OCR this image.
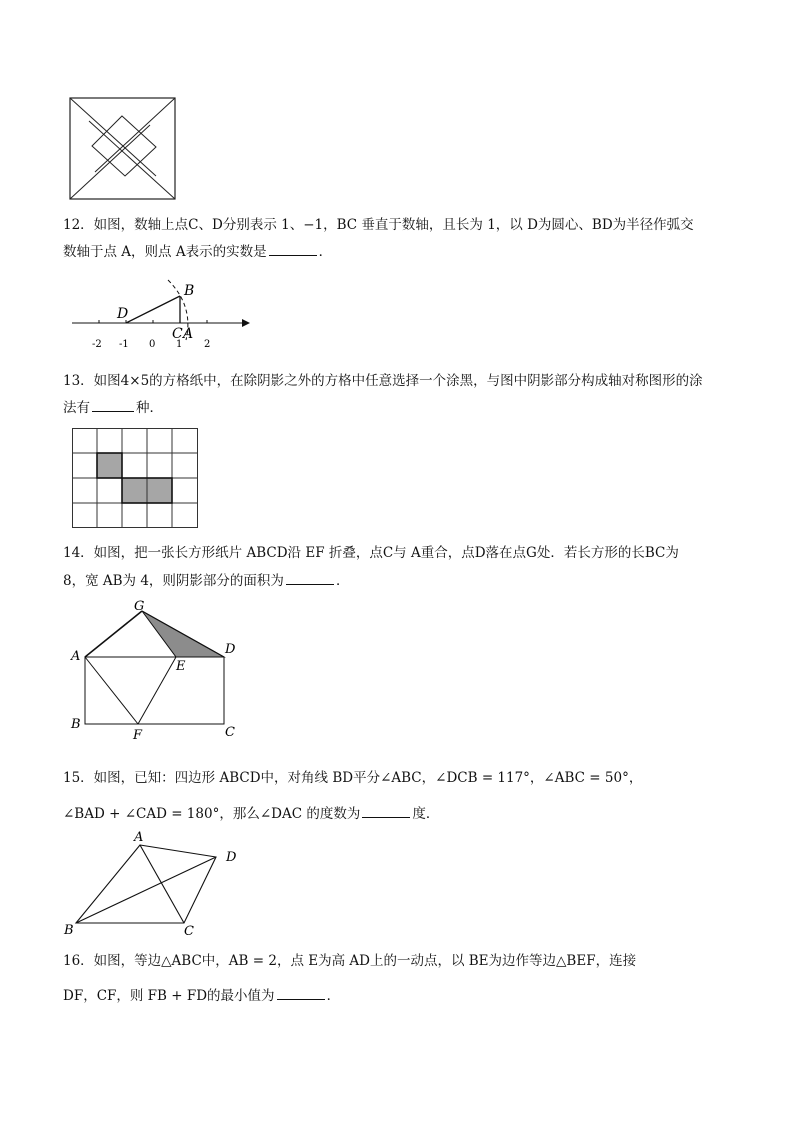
12．如图，数轴上点C、D分别表示 1、−1，BC 垂直于数轴，且长为 1，以 D为圆心、BD为半径作弧交
数轴于点 A，则点 A表示的实数是	．
B
D
C A
-2 -1 0 1 2
13．如图4×5的方格纸中，在除阴影之外的方格中任意选择一个涂黑，与图中阴影部分构成轴对称图形的涂
法有	种．
14．如图，把一张长方形纸片 ABCD沿 EF 折叠，点C与 A重合，点D落在点G处．若长方形的长BC为
8，宽 AB为 4，则阴影部分的面积为	．
G
A
E
D
B
F	C
15．如图，已知：四边形 ABCD中，对角线 BD平分∠ABC，∠DCB = 117°，∠ABC = 50°，
∠BAD + ∠CAD = 180°，那么∠DAC 的度数为	度．
A
D
B	C
16．如图，等边△ABC中，AB = 2，点 E为高 AD上的一动点，以 BE为边作等边△BEF，连接
DF，CF，则 FB + FD的最小值为	．
